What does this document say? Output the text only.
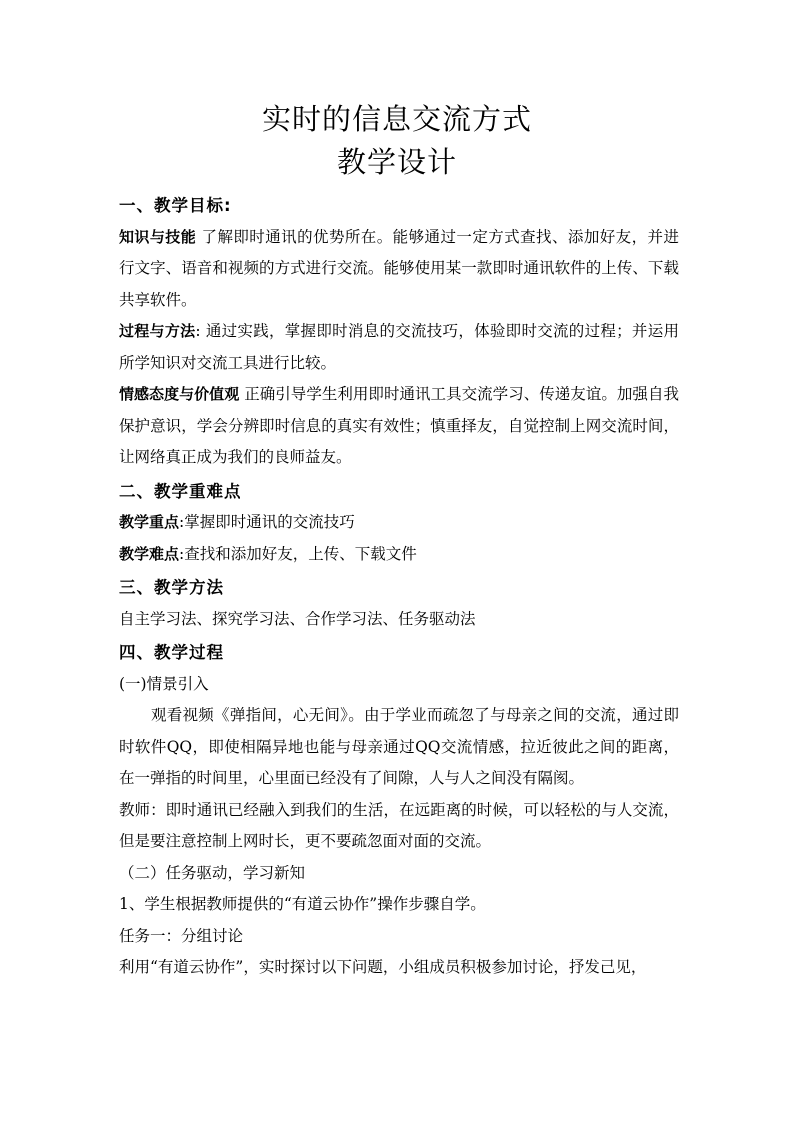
实时的信息交流方式
教学设计
一、教学目标:

知识与技能 了解即时通讯的优势所在。能够通过一定方式查找、添加好友，并进行文字、语音和视频的方式进行交流。能够使用某一款即时通讯软件的上传、下载共享软件。

过程与方法: 通过实践，掌握即时消息的交流技巧，体验即时交流的过程；并运用所学知识对交流工具进行比较。

情感态度与价值观 正确引导学生利用即时通讯工具交流学习、传递友谊。加强自我保护意识，学会分辨即时信息的真实有效性；慎重择友，自觉控制上网交流时间，让网络真正成为我们的良师益友。

二、教学重难点

教学重点:掌握即时通讯的交流技巧

教学难点:查找和添加好友，上传、下载文件

三、教学方法

自主学习法、探究学习法、合作学习法、任务驱动法

四、教学过程

(一)情景引入

观看视频《弹指间，心无间》。由于学业而疏忽了与母亲之间的交流，通过即时软件QQ，即使相隔异地也能与母亲通过QQ交流情感，拉近彼此之间的距离，在一弹指的时间里，心里面已经没有了间隙，人与人之间没有隔阂。

教师：即时通讯已经融入到我们的生活，在远距离的时候，可以轻松的与人交流，但是要注意控制上网时长，更不要疏忽面对面的交流。

（二）任务驱动，学习新知

1、学生根据教师提供的“有道云协作”操作步骤自学。

任务一：分组讨论

利用“有道云协作”，实时探讨以下问题，小组成员积极参加讨论，抒发己见，
